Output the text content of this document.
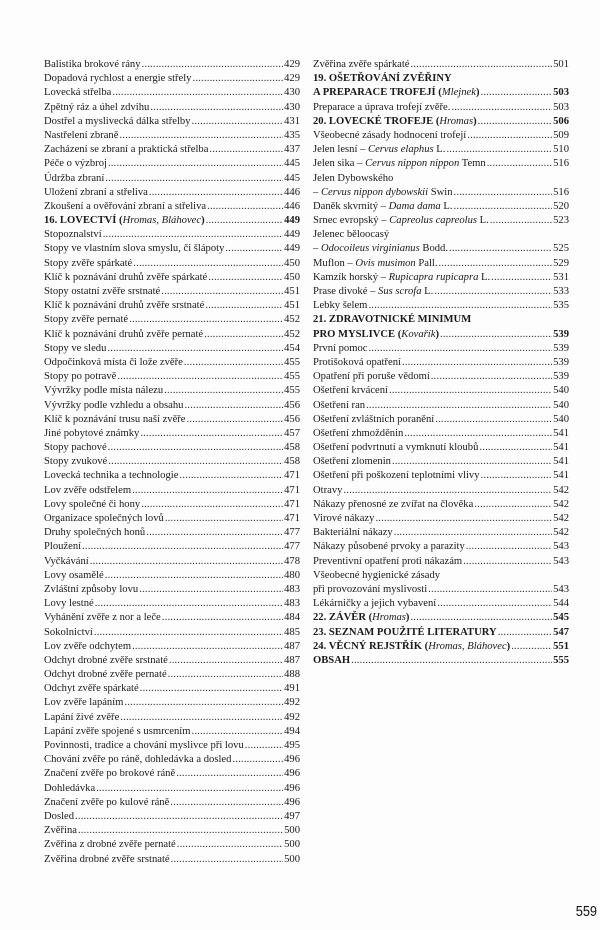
Balistika brokové rány .....	429
Dopadová rychlost a energie střely .....	429
Lovecká střelba .....	430
Zpětný ráz a úhel zdvihu .....	430
Dostřel a myslivecká dálka střelby .....	431
Nastřelení zbraně .....	435
Zacházení se zbraní a praktická střelba .....	437
Péče o výzbroj .....	445
Údržba zbraní .....	445
Uložení zbraní a střeliva .....	446
Zkoušení a ověřování zbraní a střeliva .....	446
16. LOVECTVÍ (Hromas, Bláhovec) .....	449
Stopoznalství .....	449
Stopy ve vlastním slova smyslu, či šlápoty .....	449
Stopy zvěře spárkaté .....	450
Klíč k poznávání druhů zvěře spárkaté .....	450
Stopy ostatní zvěře srstnaté .....	451
Klíč k poznávání druhů zvěře srstnaté .....	451
Stopy zvěře pernaté .....	452
Klíč k poznávání druhů zvěře pernaté .....	452
Stopy ve sledu .....	454
Odpočinková místa či lože zvěře .....	455
Stopy po potravě .....	455
Vývržky podle místa nálezu .....	455
Vývržky podle vzhledu a obsahu .....	456
Klíč k poznávání trusu naší zvěře .....	456
Jiné pobytové známky .....	457
Stopy pachové .....	458
Stopy zvukové .....	458
Lovecká technika a technologie .....	471
Lov zvěře odstřelem .....	471
Lovy společné či hony .....	471
Organizace společných lovů .....	471
Druhy společných honů .....	477
Ploužení .....	477
Vyčkávání .....	478
Lovy osamělé .....	480
Zvláštní způsoby lovu .....	483
Lovy lestné .....	483
Vyhánění zvěře z nor a leče .....	484
Sokolnictví .....	485
Lov zvěře odchytem .....	487
Odchyt drobné zvěře srstnaté .....	487
Odchyt drobné zvěře pernaté .....	488
Odchyt zvěře spárkaté .....	491
Lov zvěře lapáním .....	492
Lapání živé zvěře .....	492
Lapání zvěře spojené s usmrcením .....	494
Povinnosti, tradice a chování myslivce při lovu .....	495
Chování zvěře po ráně, dohledávka a dosled .....	496
Značení zvěře po brokové ráně .....	496
Dohledávka .....	496
Značení zvěře po kulové ráně .....	496
Dosled .....	497
Zvěřina .....	500
Zvěřina z drobné zvěře pernaté .....	500
Zvěřina drobné zvěře srstnaté .....	500
Zvěřina zvěře spárkaté .....	501
19. OŠETŘOVÁNÍ ZVĚŘINY
A PREPARACE TROFEJÍ (Mlejnek) .....	503
Preparace a úprava trofejí zvěře. .....	503
20. LOVECKÉ TROFEJE (Hromas) .....	506
Všeobecné zásady hodnocení trofejí .....	509
Jelen lesní – Cervus elaphus L. .....	510
Jelen sika – Cervus nippon nippon Temn .....	516
Jelen Dybowského
– Cervus nippon dybowskii Swin .....	516
Daněk skvrnitý – Dama dama L. .....	520
Srnec evropský – Capreolus capreolus L. .....	523
Jelenec běloocasý
– Odocoileus virginianus Bodd. .....	525
Muflon – Ovis musimon Pall. .....	529
Kamzík horský – Rupicapra rupicapra L. .....	531
Prase divoké – Sus scrofa L. .....	533
Lebky šelem .....	535
21. ZDRAVOTNICKÉ MINIMUM
PRO MYSLIVCE (Kovařík) .....	539
První pomoc .....	539
Protišoková opatření .....	539
Opatření při poruše vědomí .....	539
Ošetření krvácení .....	540
Ošetření ran .....	540
Ošetření zvláštních poranění .....	540
Ošetření zhmožděnin .....	541
Ošetření podvrtnutí a vymknutí kloubů .....	541
Ošetření zlomenin .....	541
Ošetření při poškození teplotními vlivy .....	541
Otravy .....	542
Nákazy přenosné ze zvířat na člověka .....	542
Virové nákazy .....	542
Bakteriální nákazy .....	542
Nákazy působené prvoky a parazity .....	543
Preventivní opatření proti nákazám .....	543
Všeobecné hygienické zásady
při provozování myslivosti .....	543
Lékárničky a jejich vybavení .....	544
22. ZÁVĚR (Hromas) .....	545
23. SEZNAM POUŽITÉ LITERATURY .....	547
24. VĚCNÝ REJSTŘÍK (Hromas, Bláhovec) .....	551
OBSAH .....	555
559
